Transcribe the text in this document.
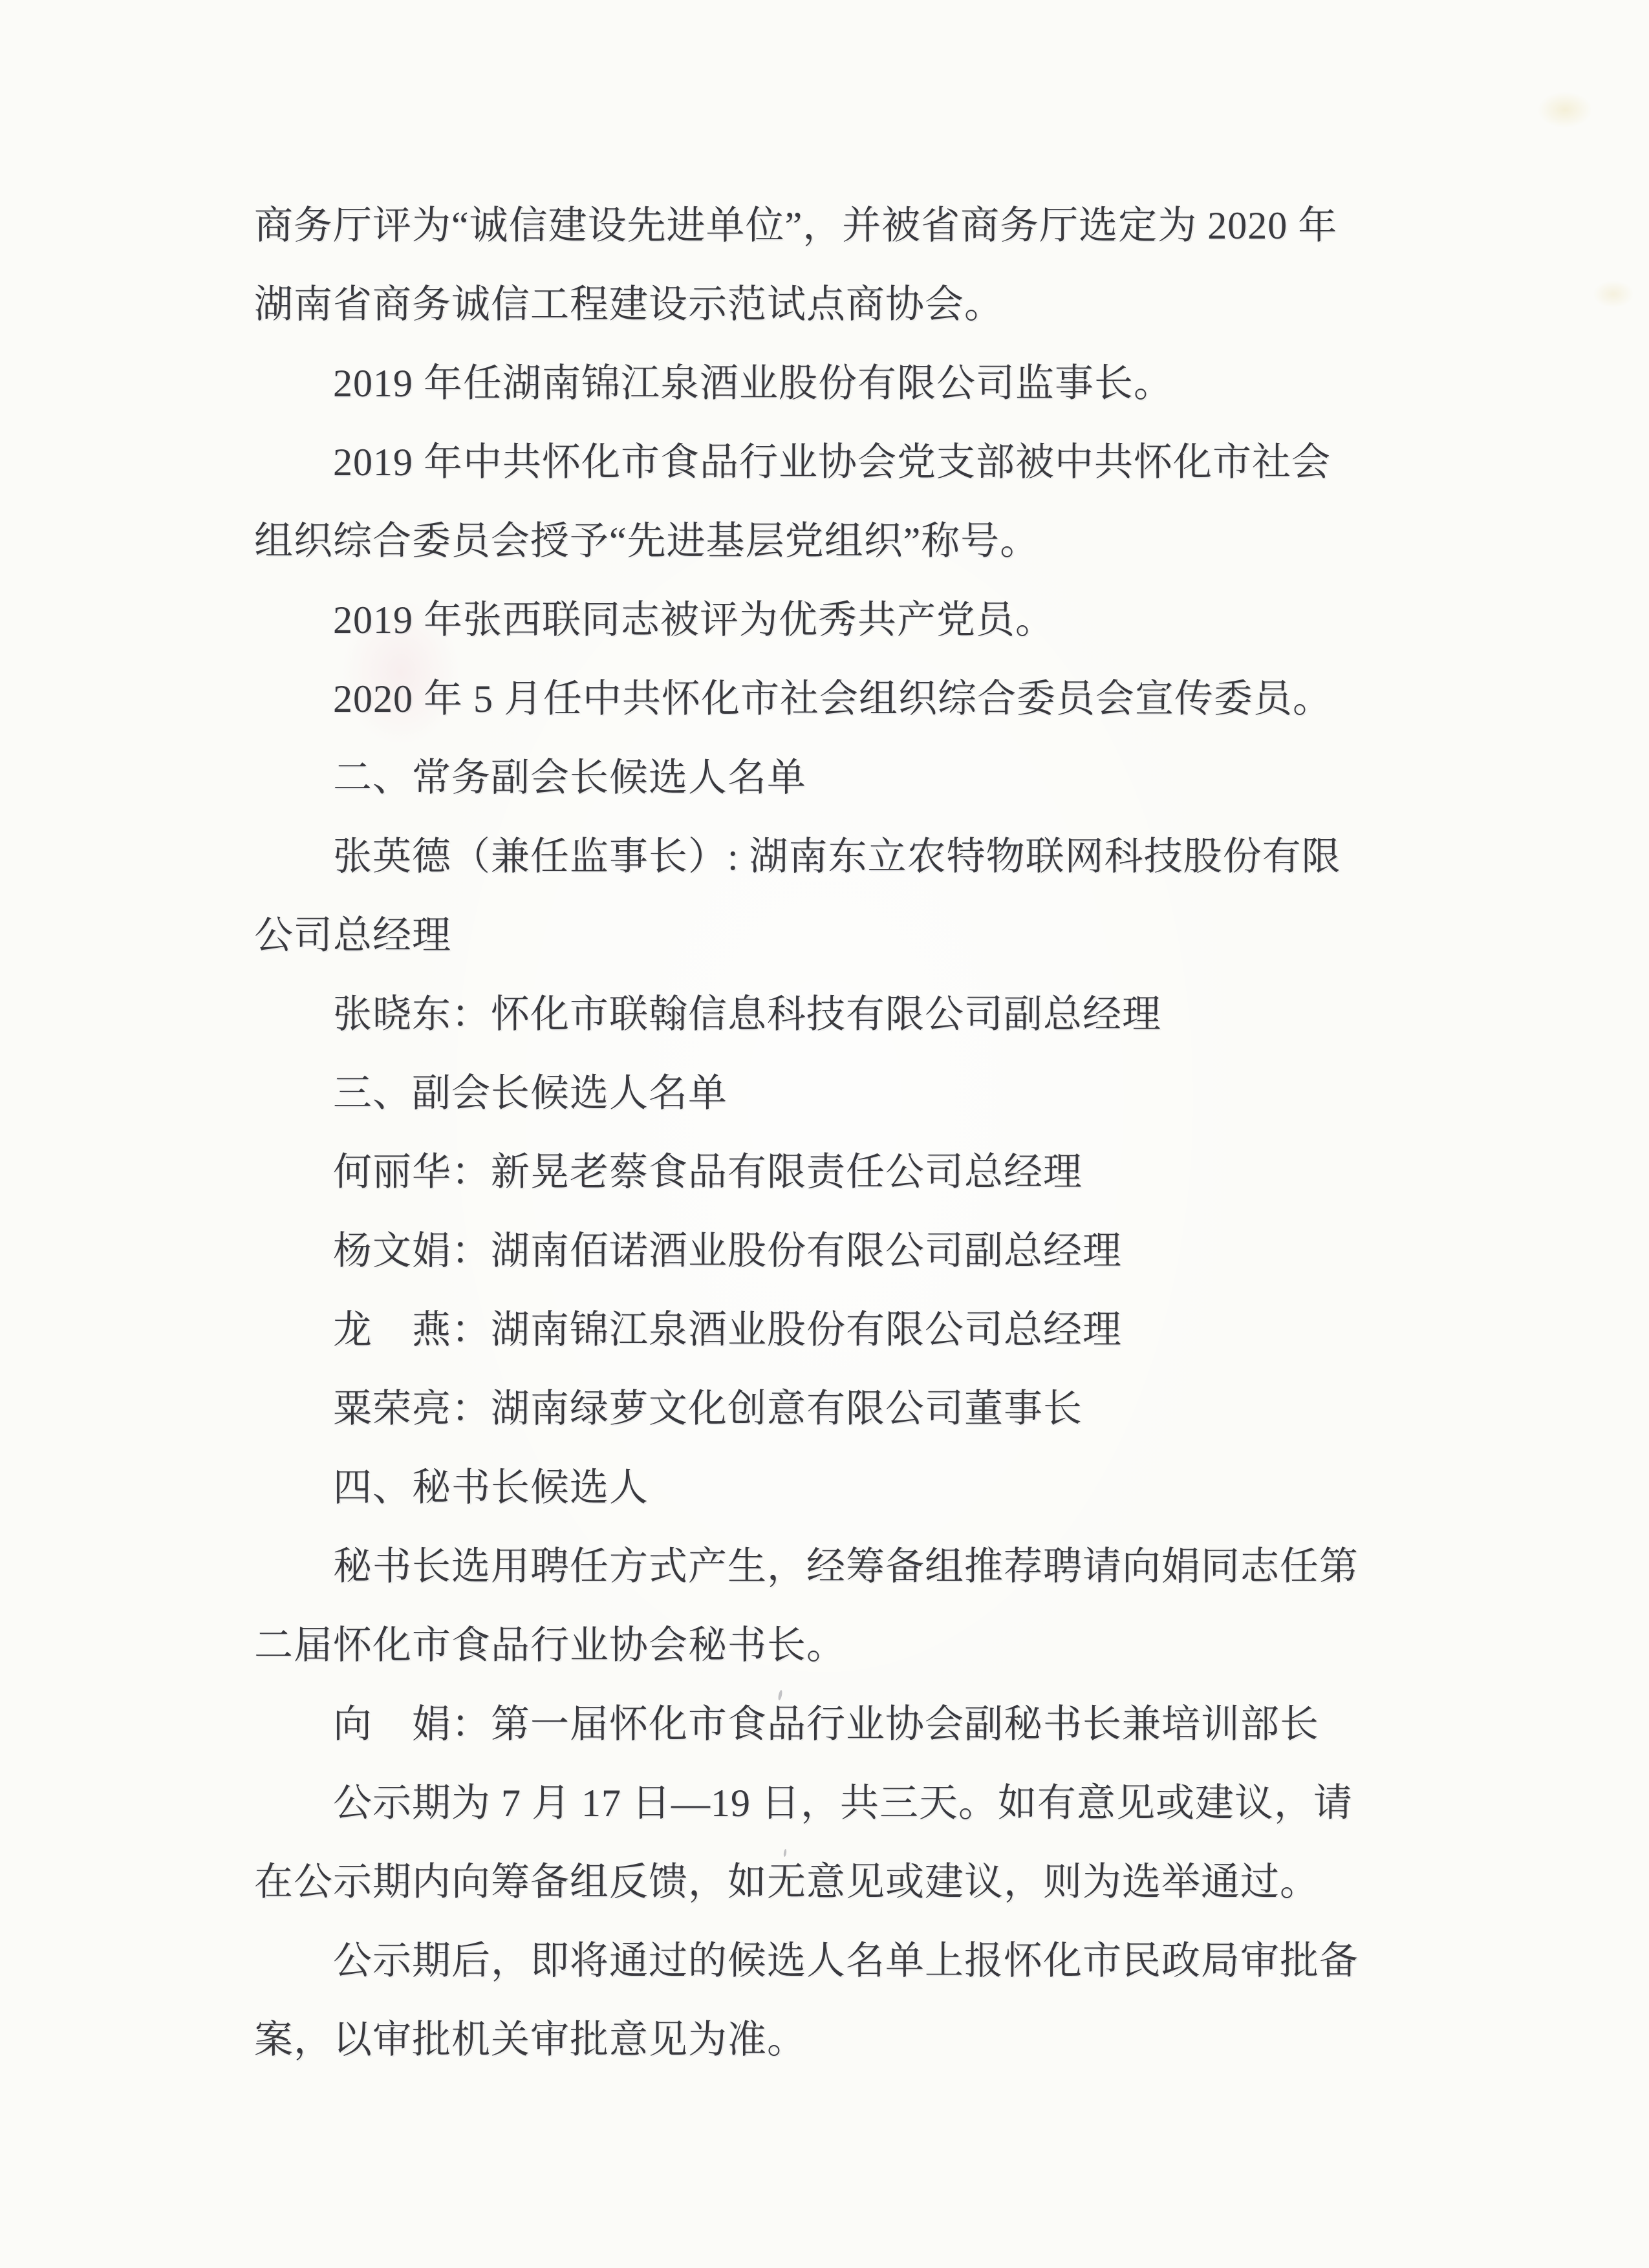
商务厅评为“诚信建设先进单位”，并被省商务厅选定为 2020 年
湖南省商务诚信工程建设示范试点商协会。
2019 年任湖南锦江泉酒业股份有限公司监事长。
2019 年中共怀化市食品行业协会党支部被中共怀化市社会
组织综合委员会授予“先进基层党组织”称号。
2019 年张西联同志被评为优秀共产党员。
2020 年 5 月任中共怀化市社会组织综合委员会宣传委员。
二、常务副会长候选人名单
张英德（兼任监事长）: 湖南东立农特物联网科技股份有限
公司总经理
张晓东：怀化市联翰信息科技有限公司副总经理
三、副会长候选人名单
何丽华：新晃老蔡食品有限责任公司总经理
杨文娟：湖南佰诺酒业股份有限公司副总经理
龙　燕：湖南锦江泉酒业股份有限公司总经理
粟荣亮：湖南绿萝文化创意有限公司董事长
四、秘书长候选人
秘书长选用聘任方式产生，经筹备组推荐聘请向娟同志任第
二届怀化市食品行业协会秘书长。
向　娟：第一届怀化市食品行业协会副秘书长兼培训部长
公示期为 7 月 17 日—19 日，共三天。如有意见或建议，请
在公示期内向筹备组反馈，如无意见或建议，则为选举通过。
公示期后，即将通过的候选人名单上报怀化市民政局审批备
案，以审批机关审批意见为准。
